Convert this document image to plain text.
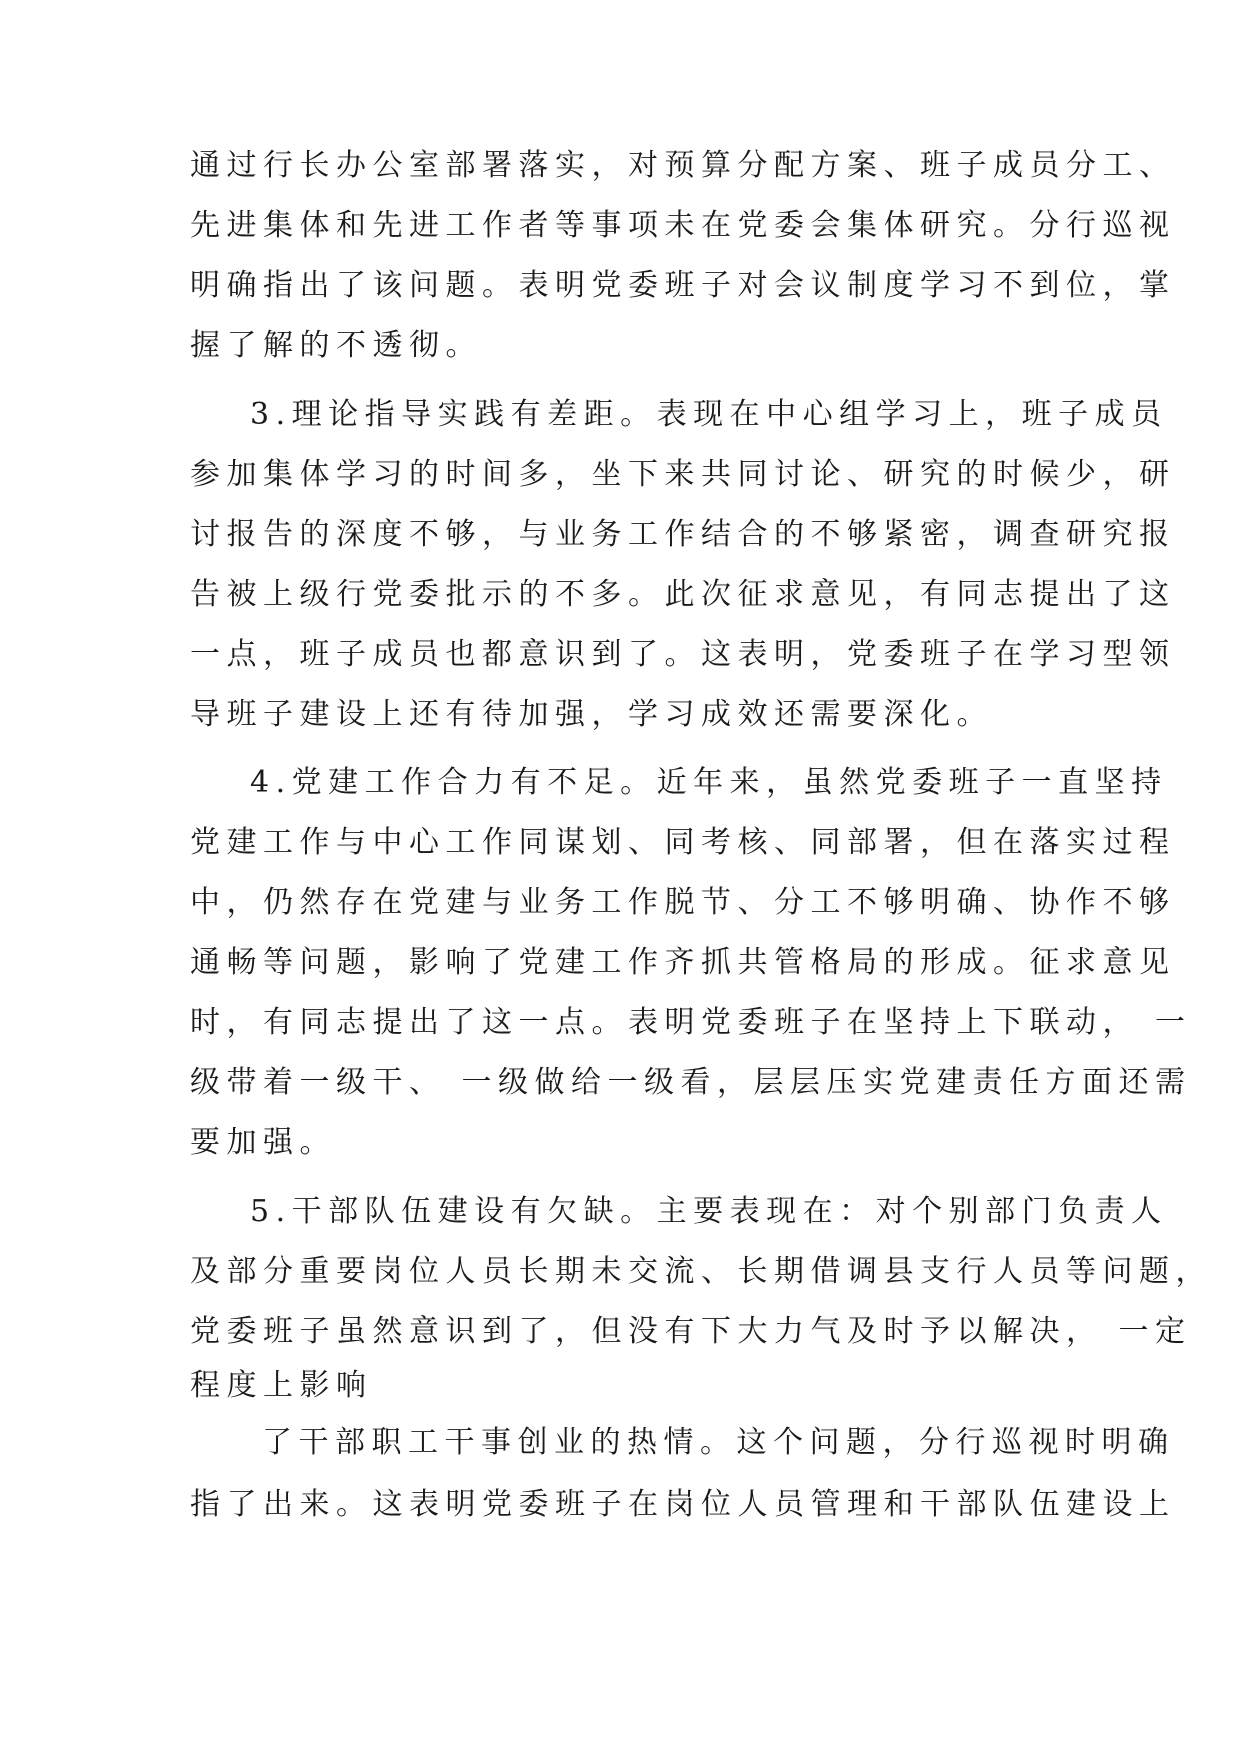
通过行长办公室部署落实，对预算分配方案、班子成员分工、
先进集体和先进工作者等事项未在党委会集体研究。分行巡视
明确指出了该问题。表明党委班子对会议制度学习不到位，掌
握了解的不透彻。
3.理论指导实践有差距。表现在中心组学习上，班子成员
参加集体学习的时间多，坐下来共同讨论、研究的时候少，研
讨报告的深度不够，与业务工作结合的不够紧密，调查研究报
告被上级行党委批示的不多。此次征求意见，有同志提出了这
一点，班子成员也都意识到了。这表明，党委班子在学习型领
导班子建设上还有待加强，学习成效还需要深化。
4.党建工作合力有不足。近年来，虽然党委班子一直坚持
党建工作与中心工作同谋划、同考核、同部署，但在落实过程
中，仍然存在党建与业务工作脱节、分工不够明确、协作不够
通畅等问题，影响了党建工作齐抓共管格局的形成。征求意见
时，有同志提出了这一点。表明党委班子在坚持上下联动， 一
级带着一级干、 一级做给一级看，层层压实党建责任方面还需
要加强。
5.干部队伍建设有欠缺。主要表现在：对个别部门负责人
及部分重要岗位人员长期未交流、长期借调县支行人员等问题，
党委班子虽然意识到了，但没有下大力气及时予以解决， 一定
程度上影响
了干部职工干事创业的热情。这个问题，分行巡视时明确
指了出来。这表明党委班子在岗位人员管理和干部队伍建设上
